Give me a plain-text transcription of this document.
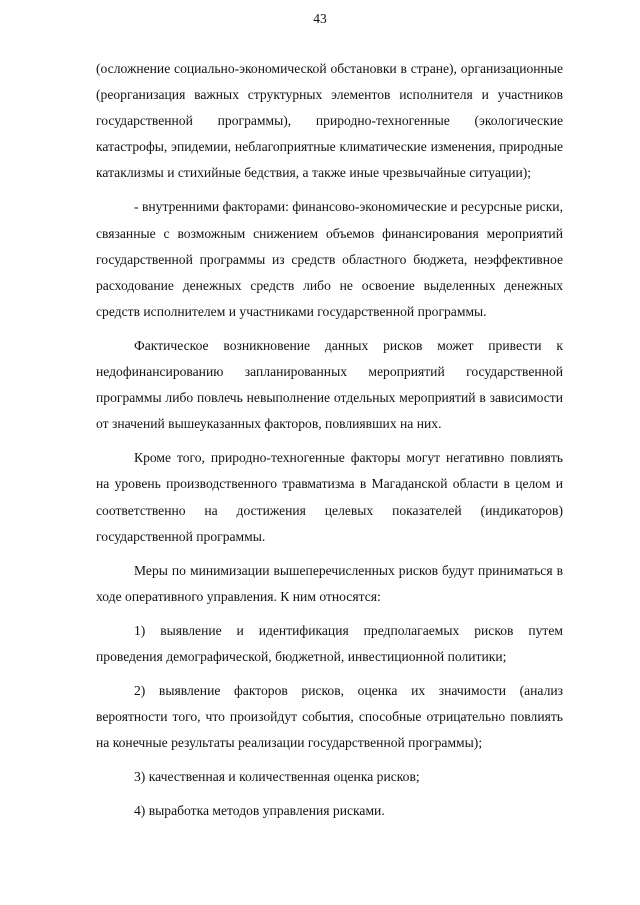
43

(осложнение социально-экономической обстановки в стране), организационные (реорганизация важных структурных элементов исполнителя и участников государственной программы), природно-техногенные (экологические катастрофы, эпидемии, неблагоприятные климатические изменения, природные катаклизмы и стихийные бедствия, а также иные чрезвычайные ситуации);

- внутренними факторами: финансово-экономические и ресурсные риски, связанные с возможным снижением объемов финансирования мероприятий государственной программы из средств областного бюджета, неэффективное расходование денежных средств либо не освоение выделенных денежных средств исполнителем и участниками государственной программы.

Фактическое возникновение данных рисков может привести к недофинансированию запланированных мероприятий государственной программы либо повлечь невыполнение отдельных мероприятий в зависимости от значений вышеуказанных факторов, повлиявших на них.

Кроме того, природно-техногенные факторы могут негативно повлиять на уровень производственного травматизма в Магаданской области в целом и соответственно на достижения целевых показателей (индикаторов) государственной программы.

Меры по минимизации вышеперечисленных рисков будут приниматься в ходе оперативного управления. К ним относятся:

1) выявление и идентификация предполагаемых рисков путем проведения демографической, бюджетной, инвестиционной политики;

2) выявление факторов рисков, оценка их значимости (анализ вероятности того, что произойдут события, способные отрицательно повлиять на конечные результаты реализации государственной программы);

3) качественная и количественная оценка рисков;

4) выработка методов управления рисками.
